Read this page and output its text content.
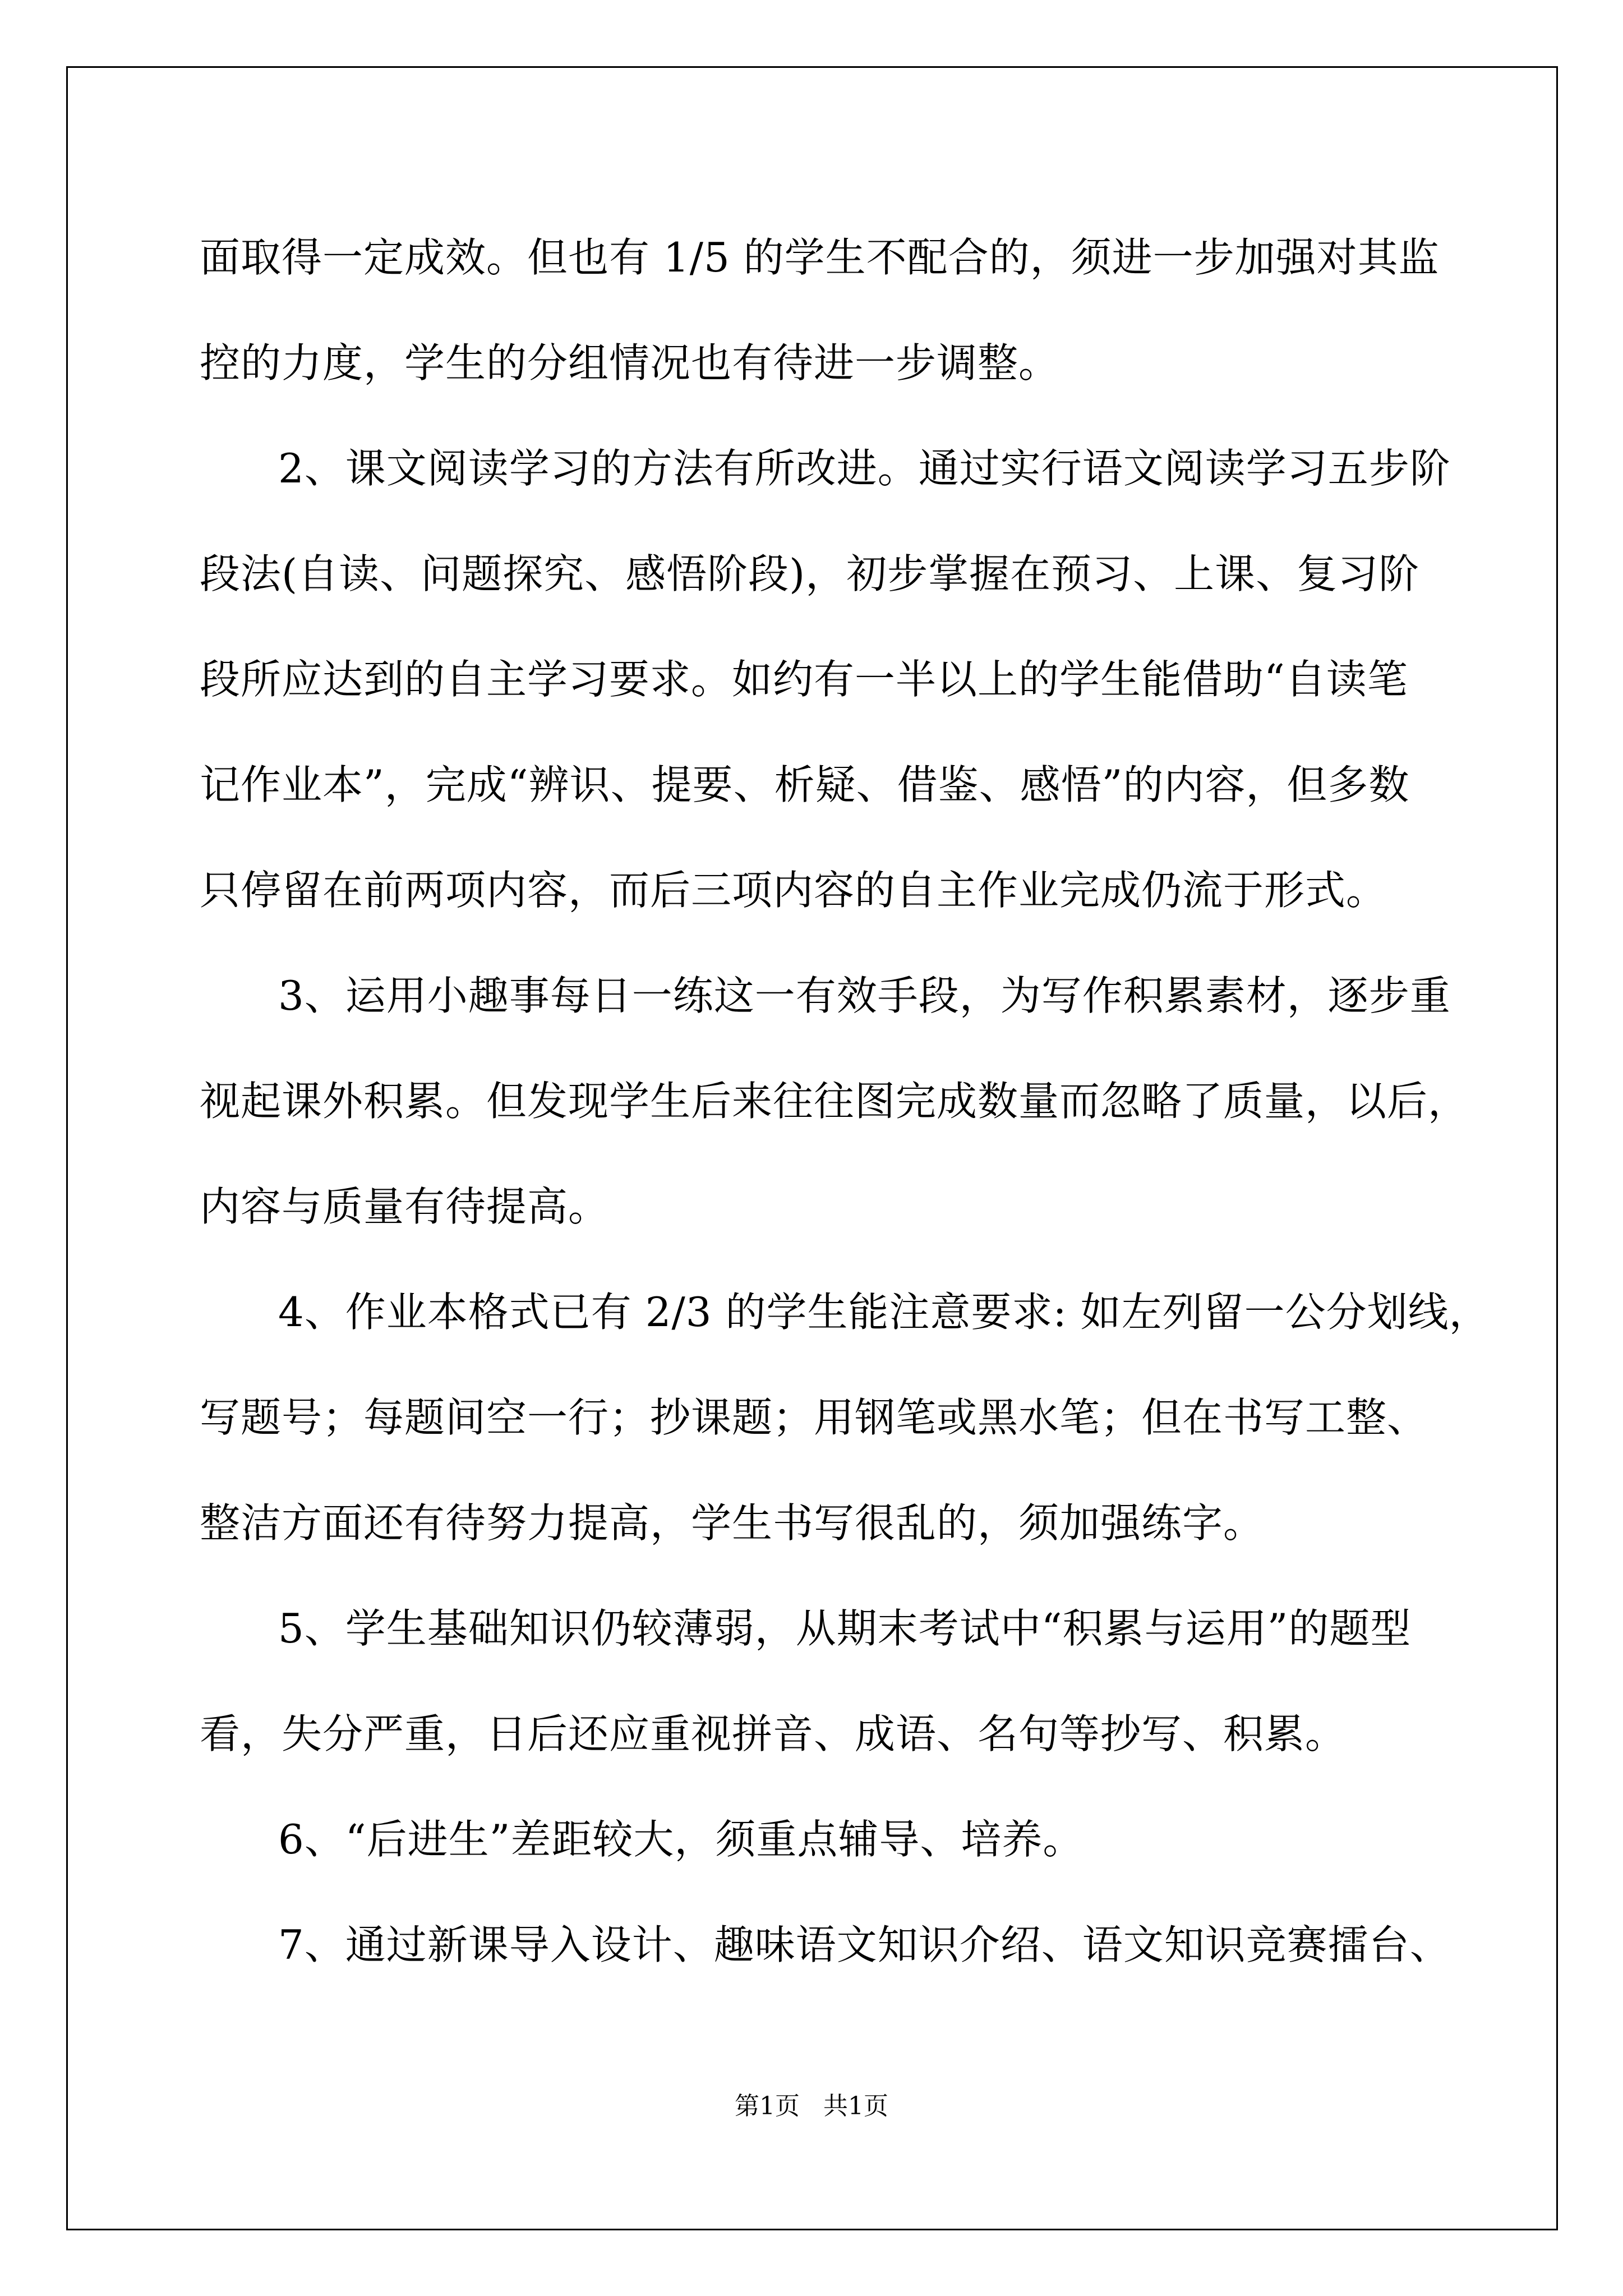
面取得一定成效。但也有 1/5 的学生不配合的，须进一步加强对其监
控的力度，学生的分组情况也有待进一步调整。
2、课文阅读学习的方法有所改进。通过实行语文阅读学习五步阶
段法(自读、问题探究、感悟阶段)，初步掌握在预习、上课、复习阶
段所应达到的自主学习要求。如约有一半以上的学生能借助“自读笔
记作业本”，完成“辨识、提要、析疑、借鉴、感悟”的内容，但多数
只停留在前两项内容，而后三项内容的自主作业完成仍流于形式。
3、运用小趣事每日一练这一有效手段，为写作积累素材，逐步重
视起课外积累。但发现学生后来往往图完成数量而忽略了质量，以后，
内容与质量有待提高。
4、作业本格式已有 2/3 的学生能注意要求: 如左列留一公分划线，
写题号；每题间空一行；抄课题；用钢笔或黑水笔；但在书写工整、
整洁方面还有待努力提高，学生书写很乱的，须加强练字。
5、学生基础知识仍较薄弱，从期末考试中“积累与运用”的题型
看，失分严重，日后还应重视拼音、成语、名句等抄写、积累。
6、“后进生”差距较大，须重点辅导、培养。
7、通过新课导入设计、趣味语文知识介绍、语文知识竞赛擂台、
第1页 共1页
